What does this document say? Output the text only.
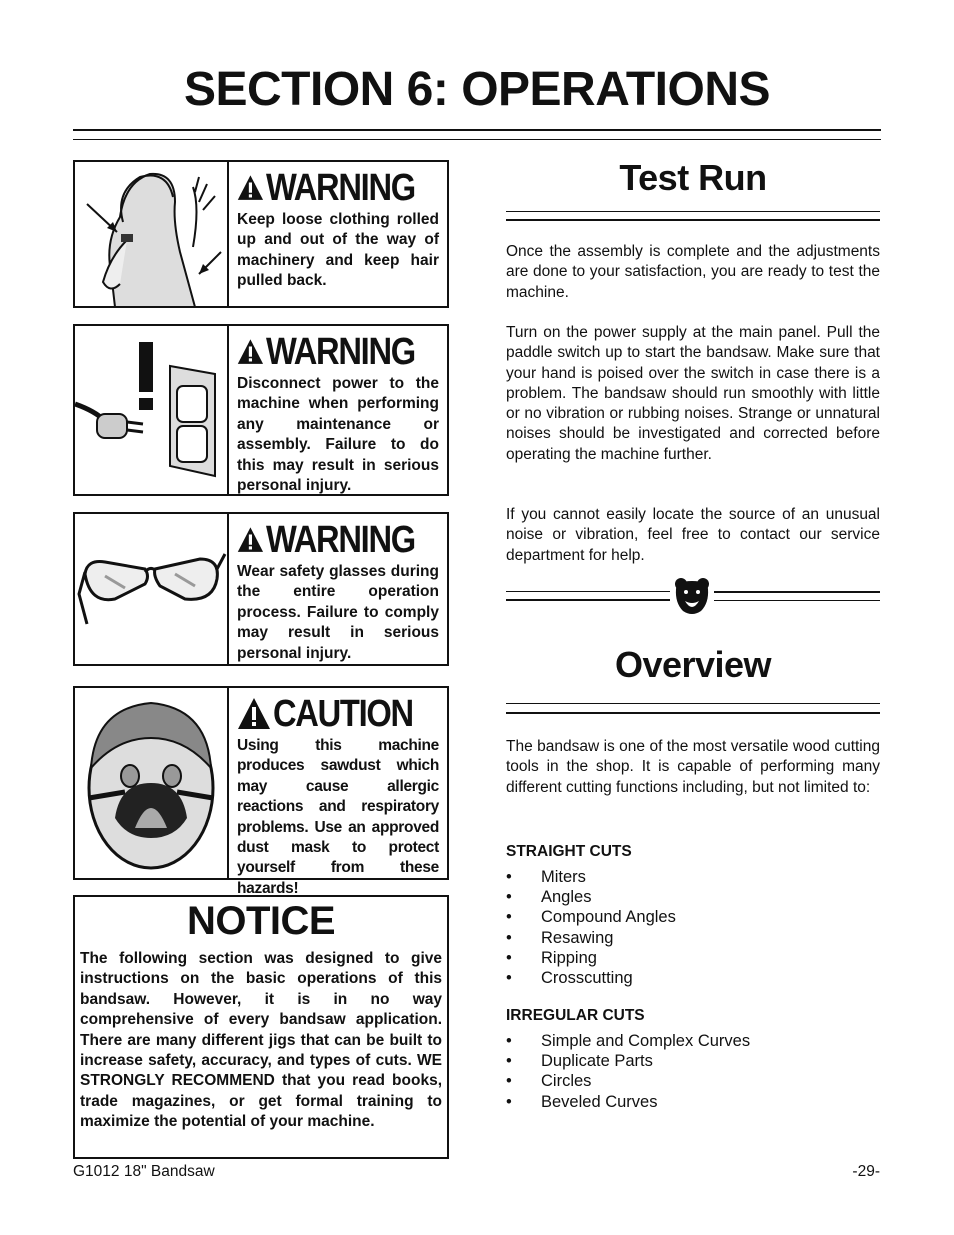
SECTION 6: OPERATIONS
WARNING

Keep loose clothing rolled up and out of the way of machinery and keep hair pulled back.

WARNING

Disconnect power to the machine when performing any maintenance or assembly. Failure to do this may result in serious personal injury.

WARNING

Wear safety glasses during the entire operation process. Failure to comply may result in serious personal injury.

CAUTION

Using this machine produces sawdust which may cause allergic reactions and respiratory problems. Use an approved dust mask to protect yourself from these hazards!

NOTICE

The following section was designed to give instructions on the basic operations of this bandsaw. However, it is in no way comprehensive of every bandsaw application. There are many different jigs that can be built to increase safety, accuracy, and types of cuts. WE STRONGLY RECOMMEND that you read books, trade magazines, or get formal training to maximize the potential of your machine.

Test Run

Once the assembly is complete and the adjustments are done to your satisfaction, you are ready to test the machine.

Turn on the power supply at the main panel. Pull the paddle switch up to start the bandsaw. Make sure that your hand is poised over the switch in case there is a problem. The bandsaw should run smoothly with little or no vibration or rubbing noises. Strange or unnatural noises should be investigated and corrected before operating the machine further.

If you cannot easily locate the source of an unusual noise or vibration, feel free to contact our service department for help.

Overview

The bandsaw is one of the most versatile wood cutting tools in the shop. It is capable of performing many different cutting functions including, but not limited to:

STRAIGHT CUTS

• Miters
• Angles
• Compound Angles
• Resawing
• Ripping
• Crosscutting

IRREGULAR CUTS

• Simple and Complex Curves
• Duplicate Parts
• Circles
• Beveled Curves

G1012 18" Bandsaw	-29-
